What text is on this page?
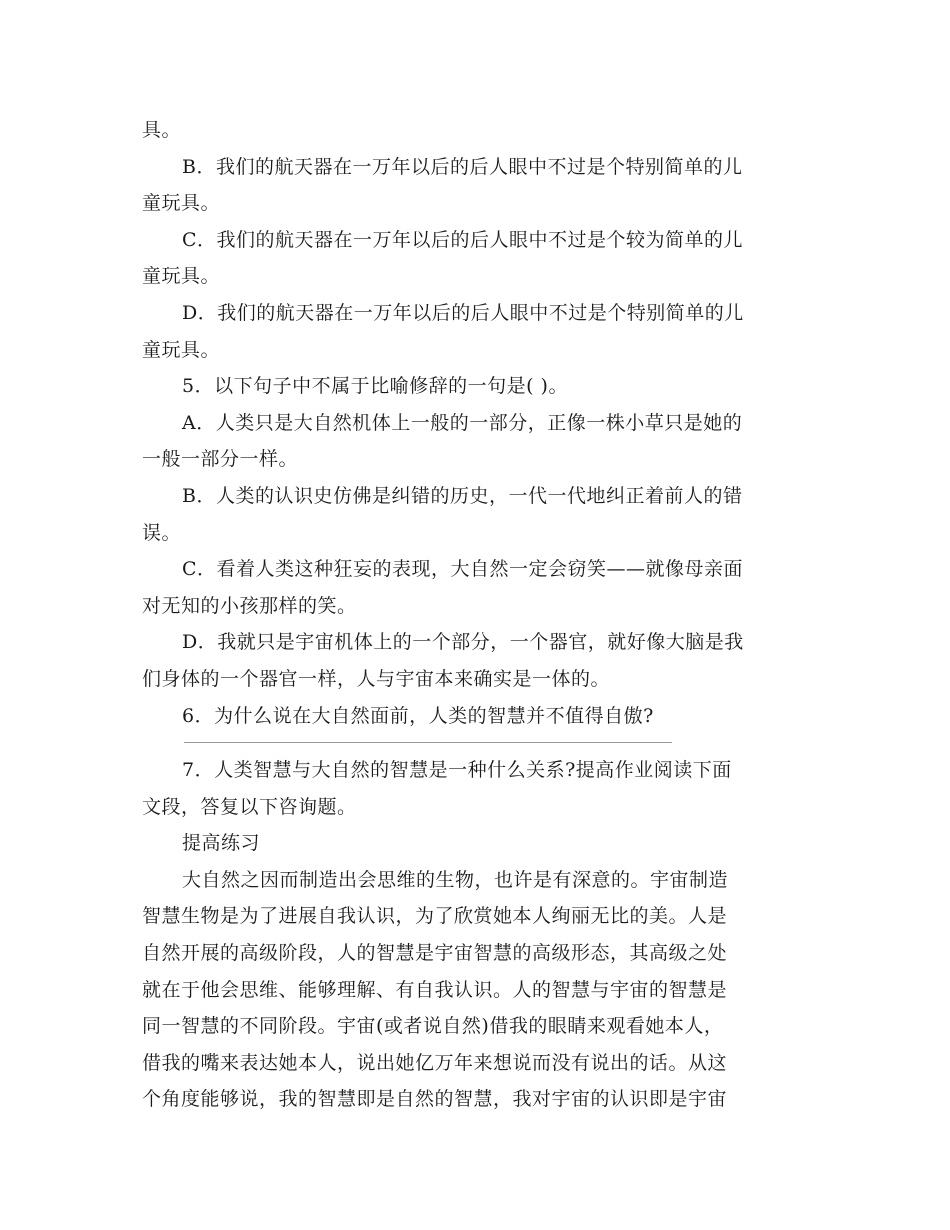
具。
B．我们的航天器在一万年以后的后人眼中不过是个特别简单的儿
童玩具。
C．我们的航天器在一万年以后的后人眼中不过是个较为简单的儿
童玩具。
D．我们的航天器在一万年以后的后人眼中不过是个特别简单的儿
童玩具。
5．以下句子中不属于比喻修辞的一句是( )。
A．人类只是大自然机体上一般的一部分，正像一株小草只是她的
一般一部分一样。
B．人类的认识史仿佛是纠错的历史，一代一代地纠正着前人的错
误。
C．看着人类这种狂妄的表现，大自然一定会窃笑——就像母亲面
对无知的小孩那样的笑。
D．我就只是宇宙机体上的一个部分，一个器官，就好像大脑是我
们身体的一个器官一样，人与宇宙本来确实是一体的。
6．为什么说在大自然面前，人类的智慧并不值得自傲?
7．人类智慧与大自然的智慧是一种什么关系?提高作业阅读下面
文段，答复以下咨询题。
提高练习
大自然之因而制造出会思维的生物，也许是有深意的。宇宙制造
智慧生物是为了进展自我认识，为了欣赏她本人绚丽无比的美。人是
自然开展的高级阶段，人的智慧是宇宙智慧的高级形态，其高级之处
就在于他会思维、能够理解、有自我认识。人的智慧与宇宙的智慧是
同一智慧的不同阶段。宇宙(或者说自然)借我的眼睛来观看她本人，
借我的嘴来表达她本人，说出她亿万年来想说而没有说出的话。从这
个角度能够说，我的智慧即是自然的智慧，我对宇宙的认识即是宇宙
